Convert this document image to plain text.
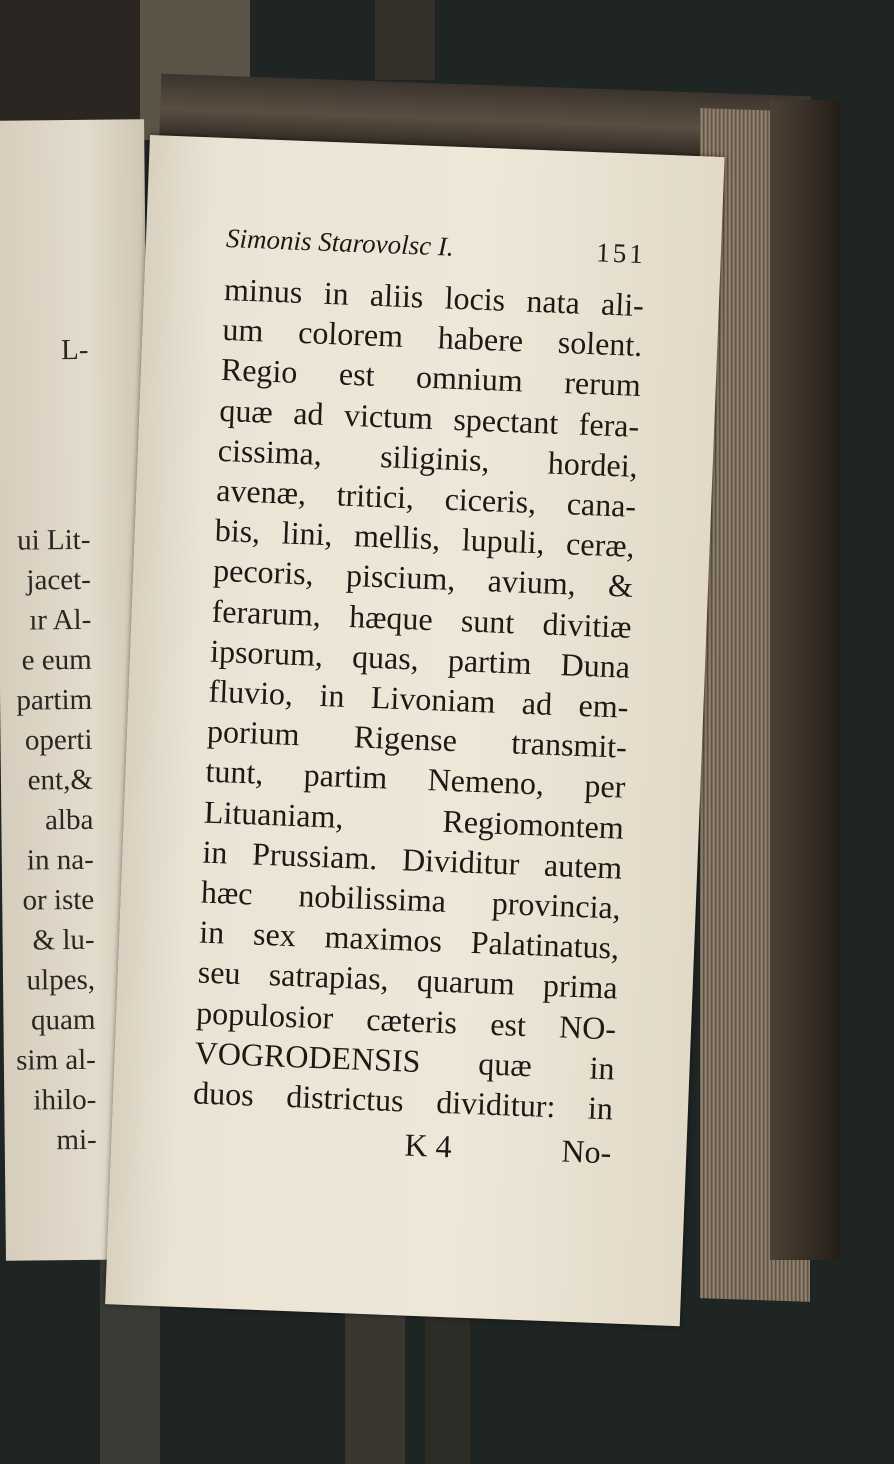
L-
ui Lit-
jacet-
ır Al-
e eum
partim
operti
ent,&
alba
in na-
or iste
& lu-
ulpes,
quam
sim al-
ihilo-
mi-
Simonis Starovolsc I.	151
minus in aliis locis nata ali-
um colorem habere solent.
Regio est omnium rerum
quæ ad victum spectant fera-
cissima, siliginis, hordei,
avenæ, tritici, ciceris, cana-
bis, lini, mellis, lupuli, ceræ,
pecoris, piscium, avium, &
ferarum, hæque sunt divitiæ
ipsorum, quas, partim Duna
fluvio, in Livoniam ad em-
porium Rigense transmit-
tunt, partim Nemeno, per
Lituaniam, Regiomontem
in Prussiam. Dividitur autem
hæc nobilissima provincia,
in sex maximos Palatinatus,
seu satrapias, quarum prima
populosior cæteris est NO-
VOGRODENSIS quæ in
duos districtus dividitur: in
K 4	No-
